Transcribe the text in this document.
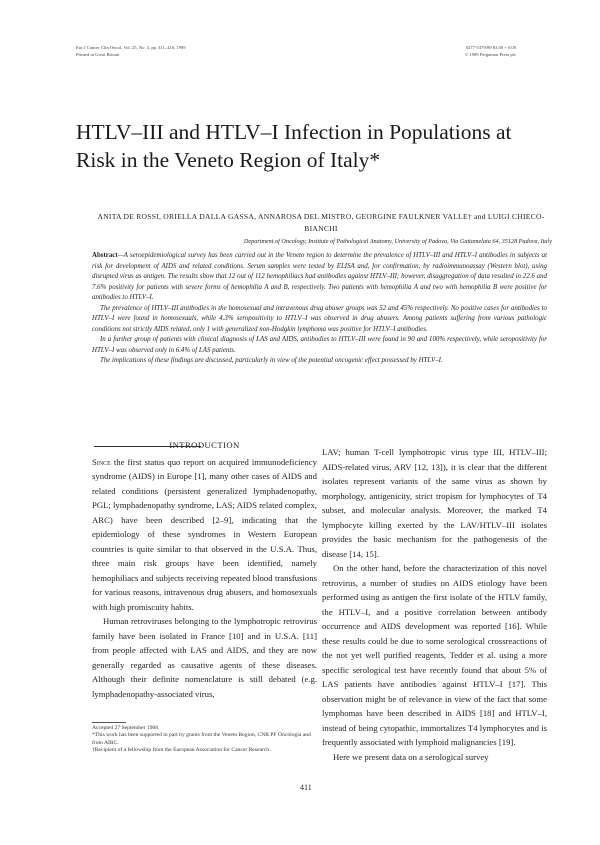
Eur J Cancer Clin Oncol, Vol. 25, No. 3, pp. 411–416, 1989
Printed in Great Britain
0277-5379/89 $3.00 + 0.00
© 1989 Pergamon Press plc
HTLV–III and HTLV–I Infection in Populations at Risk in the Veneto Region of Italy*
ANITA DE ROSSI, ORIELLA DALLA GASSA, ANNAROSA DEL MISTRO, GEORGINE FAULKNER VALLE† and LUIGI CHIECO-BIANCHI
Department of Oncology, Institute of Pathological Anatomy, University of Padova, Via Gattamelata 64, 35128 Padova, Italy

Abstract—A seroepidemiological survey has been carried out in the Veneto region to determine the prevalence of HTLV–III and HTLV–I antibodies in subjects at risk for development of AIDS and related conditions. Serum samples were tested by ELISA and, for confirmation, by radioimmunoassay (Western blot), using disrupted virus as antigen. The results show that 12 out of 112 hemophiliacs had antibodies against HTLV–III; however, disaggregation of data resulted in 22.6 and 7.6% positivity for patients with severe forms of hemophilia A and B, respectively. Two patients with hemophilia A and two with hemophilia B were positive for antibodies to HTLV–I.

The prevalence of HTLV–III antibodies in the homosexual and intravenous drug abuser groups was 52 and 45% respectively. No positive cases for antibodies to HTLV–I were found in homosexuals, while 4.3% seropositivity to HTLV–I was observed in drug abusers. Among patients suffering from various pathologic conditions not strictly AIDS related, only 1 with generalized non-Hodgkin lymphoma was positive for HTLV–I antibodies.

In a further group of patients with clinical diagnosis of LAS and AIDS, antibodies to HTLV–III were found in 90 and 100% respectively, while seropositivity for HTLV–I was observed only in 6.4% of LAS patients.

The implications of these findings are discussed, particularly in view of the potential oncogenic effect possessed by HTLV–I.

INTRODUCTION

Since the first status quo report on acquired immunodeficiency syndrome (AIDS) in Europe [1], many other cases of AIDS and related conditions (persistent generalized lymphadenopathy, PGL; lymphadenopathy syndrome, LAS; AIDS related complex, ARC) have been described [2–9], indicating that the epidemiology of these syndromes in Western European countries is quite similar to that observed in the U.S.A. Thus, three main risk groups have been identified, namely hemophiliacs and subjects receiving repeated blood transfusions for various reasons, intravenous drug abusers, and homosexuals with high promiscuity habits.

Human retroviruses belonging to the lymphotropic retrovirus family have been isolated in France [10] and in U.S.A. [11] from people affected with LAS and AIDS, and they are now generally regarded as causative agents of these diseases. Although their definite nomenclature is still debated (e.g. lymphadenopathy-associated virus,

LAV; human T-cell lymphotropic virus type III, HTLV–III; AIDS-related virus, ARV [12, 13]), it is clear that the different isolates represent variants of the same virus as shown by morphology, antigenicity, strict tropism for lymphocytes of T4 subset, and molecular analysis. Moreover, the marked T4 lymphocyte killing exerted by the LAV/HTLV–III isolates provides the basic mechanism for the pathogenesis of the disease [14, 15].

On the other hand, before the characterization of this novel retrovirus, a number of studies on AIDS etiology have been performed using as antigen the first isolate of the HTLV family, the HTLV–I, and a positive correlation between antibody occurrence and AIDS development was reported [16]. While these results could be due to some serological crossreactions of the not yet well purified reagents, Tedder et al. using a more specific serological test have recently found that about 5% of LAS patients have antibodies against HTLV–I [17]. This observation might be of relevance in view of the fact that some lymphomas have been described in AIDS [18] and HTLV–I, instead of being cytopathic, immortalizes T4 lymphocytes and is frequently associated with lymphoid malignancies [19].

Here we present data on a serological survey

Accepted 27 September 1988.

*This work has been supported in part by grants from the Veneto Region, CNR PF Oncologia and from AIRC.

†Recipient of a fellowship from the European Association for Cancer Research.

411
